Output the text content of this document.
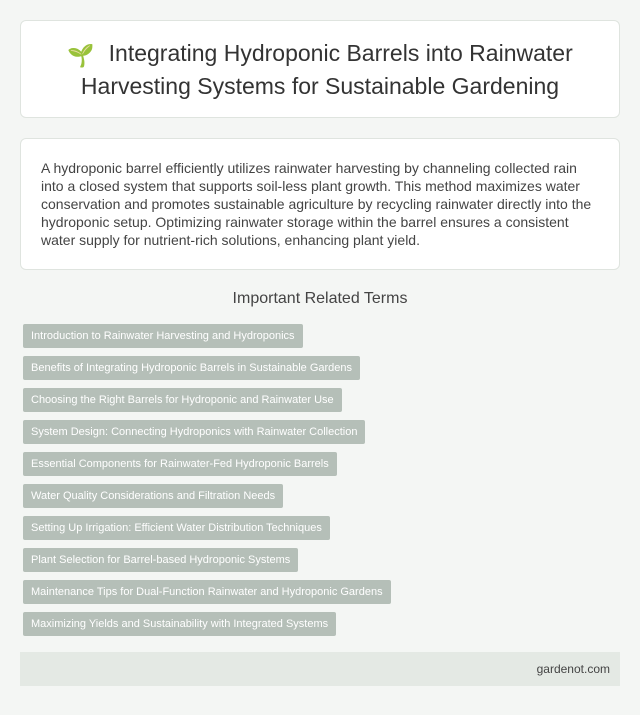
🌱 Integrating Hydroponic Barrels into Rainwater Harvesting Systems for Sustainable Gardening

A hydroponic barrel efficiently utilizes rainwater harvesting by channeling collected rain into a closed system that supports soil-less plant growth. This method maximizes water conservation and promotes sustainable agriculture by recycling rainwater directly into the hydroponic setup. Optimizing rainwater storage within the barrel ensures a consistent water supply for nutrient-rich solutions, enhancing plant yield.

Important Related Terms
Introduction to Rainwater Harvesting and Hydroponics
Benefits of Integrating Hydroponic Barrels in Sustainable Gardens
Choosing the Right Barrels for Hydroponic and Rainwater Use
System Design: Connecting Hydroponics with Rainwater Collection
Essential Components for Rainwater-Fed Hydroponic Barrels
Water Quality Considerations and Filtration Needs
Setting Up Irrigation: Efficient Water Distribution Techniques
Plant Selection for Barrel-based Hydroponic Systems
Maintenance Tips for Dual-Function Rainwater and Hydroponic Gardens
Maximizing Yields and Sustainability with Integrated Systems
gardenot.com
